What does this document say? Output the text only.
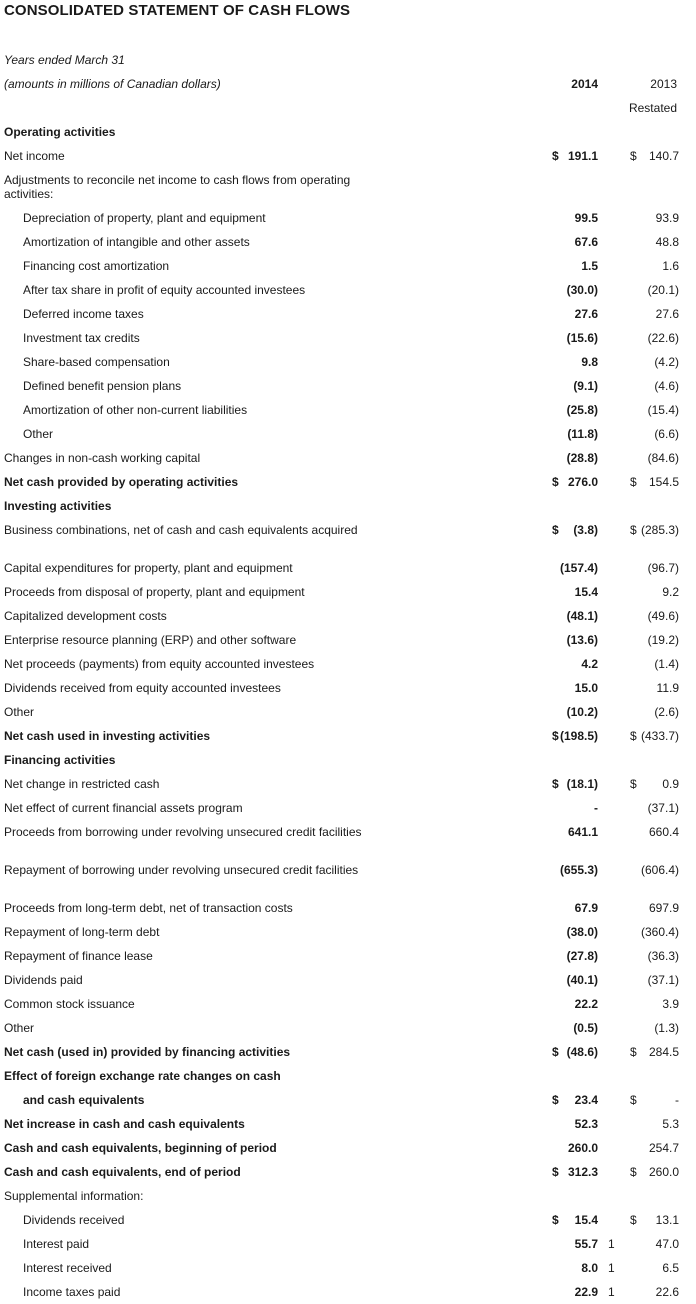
CONSOLIDATED STATEMENT OF CASH FLOWS
Years ended March 31
(amounts in millions of Canadian dollars)	2014	2013
Restated
Operating activities
Net income	$ 191.1	$ 140.7
Adjustments to reconcile net income to cash flows from operating activities:
Depreciation of property, plant and equipment	99.5	93.9
Amortization of intangible and other assets	67.6	48.8
Financing cost amortization	1.5	1.6
After tax share in profit of equity accounted investees	(30.0)	(20.1)
Deferred income taxes	27.6	27.6
Investment tax credits	(15.6)	(22.6)
Share-based compensation	9.8	(4.2)
Defined benefit pension plans	(9.1)	(4.6)
Amortization of other non-current liabilities	(25.8)	(15.4)
Other	(11.8)	(6.6)
Changes in non-cash working capital	(28.8)	(84.6)
Net cash provided by operating activities	$ 276.0	$ 154.5
Investing activities
Business combinations, net of cash and cash equivalents acquired	$ (3.8)	$ (285.3)
Capital expenditures for property, plant and equipment	(157.4)	(96.7)
Proceeds from disposal of property, plant and equipment	15.4	9.2
Capitalized development costs	(48.1)	(49.6)
Enterprise resource planning (ERP) and other software	(13.6)	(19.2)
Net proceeds (payments) from equity accounted investees	4.2	(1.4)
Dividends received from equity accounted investees	15.0	11.9
Other	(10.2)	(2.6)
Net cash used in investing activities	$ (198.5)	$ (433.7)
Financing activities
Net change in restricted cash	$ (18.1)	$ 0.9
Net effect of current financial assets program	-	(37.1)
Proceeds from borrowing under revolving unsecured credit facilities	641.1	660.4
Repayment of borrowing under revolving unsecured credit facilities	(655.3)	(606.4)
Proceeds from long-term debt, net of transaction costs	67.9	697.9
Repayment of long-term debt	(38.0)	(360.4)
Repayment of finance lease	(27.8)	(36.3)
Dividends paid	(40.1)	(37.1)
Common stock issuance	22.2	3.9
Other	(0.5)	(1.3)
Net cash (used in) provided by financing activities	$ (48.6)	$ 284.5
Effect of foreign exchange rate changes on cash
and cash equivalents	$ 23.4	$	-
Net increase in cash and cash equivalents	52.3	5.3
Cash and cash equivalents, beginning of period	260.0	254.7
Cash and cash equivalents, end of period	$ 312.3	$ 260.0
Supplemental information:
Dividends received	$ 15.4	$ 13.1
Interest paid	55.7 1	47.0
Interest received	8.0 1	6.5
Income taxes paid	22.9 1	22.6
